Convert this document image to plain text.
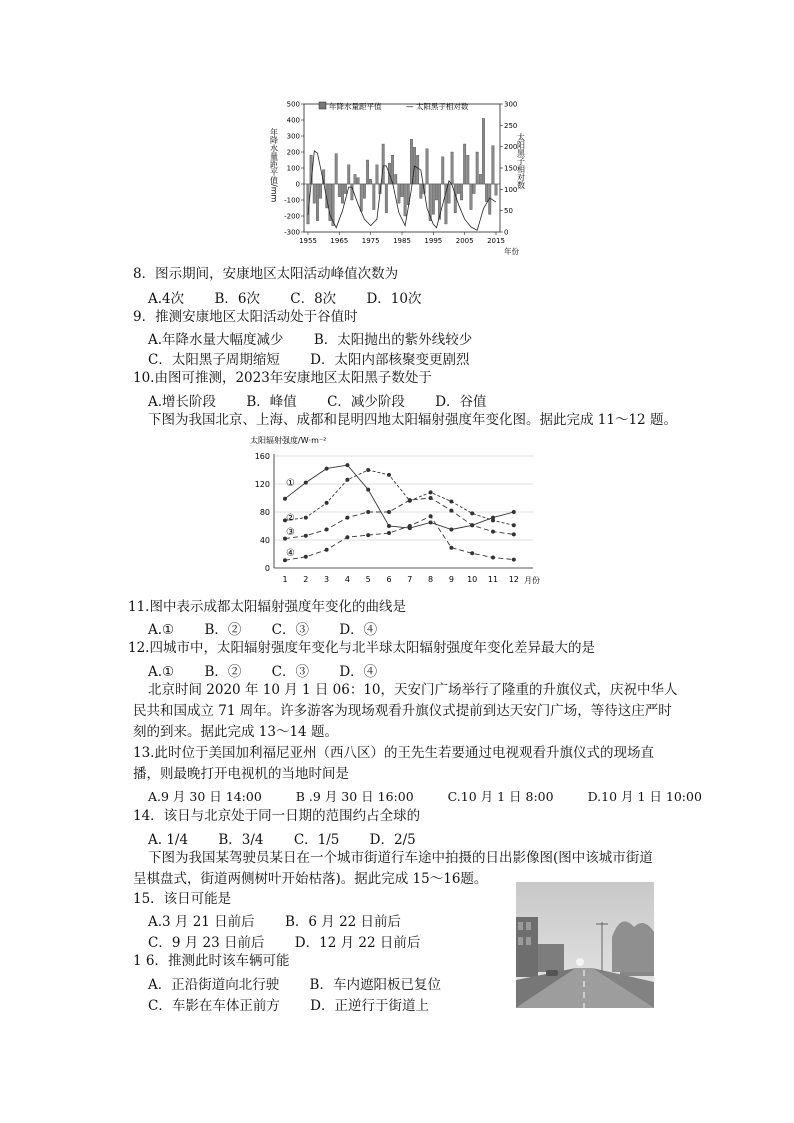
500
400
300
200
100
0
-100
-200
-300
300
250
200
150
100
50
0
1955 1965 1975 1985 1995 2005 2015
年降水量距平值	— 太阳黑子相对数
年降水量距平值/mm	太阳黑子相对数
年份
8．图示期间，安康地区太阳活动峰值次数为
A.4次 B．6次 C．8次 D．10次
9．推测安康地区太阳活动处于谷值时
A.年降水量大幅度减少 B．太阳抛出的紫外线较少
C．太阳黑子周期缩短 D．太阳内部核聚变更剧烈
10.由图可推测，2023年安康地区太阳黑子数处于
A.增长阶段 B．峰值 C．减少阶段 D．谷值
下图为我国北京、上海、成都和昆明四地太阳辐射强度年变化图。据此完成 11～12 题。
太阳辐射强度/W·m⁻²
160
120
80
40
0
1 2 3 4 5 6 7 8 9 10 11 12 月份
①
②
③
④
11.图中表示成都太阳辐射强度年变化的曲线是
A.① B．② C．③ D．④
12.四城市中，太阳辐射强度年变化与北半球太阳辐射强度年变化差异最大的是
A.① B．② C．③ D．④
北京时间 2020 年 10 月 1 日 06：10，天安门广场举行了隆重的升旗仪式，庆祝中华人
民共和国成立 71 周年。许多游客为现场观看升旗仪式提前到达天安门广场，等待这庄严时
刻的到来。据此完成 13～14 题。
13.此时位于美国加利福尼亚州（西八区）的王先生若要通过电视观看升旗仪式的现场直
播，则最晚打开电视机的当地时间是
A.9 月 30 日 14:00	B .9 月 30 日 16:00	C.10 月 1 日 8:00	D.10 月 1 日 10:00
14．该日与北京处于同一日期的范围约占全球的
A. 1/4 B．3/4 C．1/5 D．2/5
下图为我国某驾驶员某日在一个城市街道行车途中拍摄的日出影像图(图中该城市街道
呈棋盘式，街道两侧树叶开始枯落)。据此完成 15～16题。
15．该日可能是
A.3 月 21 日前后 B．6 月 22 日前后
C．9 月 23 日前后 D．12 月 22 日前后
1 6．推测此时该车辆可能
A．正沿街道向北行驶 B．车内遮阳板已复位
C．车影在车体正前方 D．正逆行于街道上
